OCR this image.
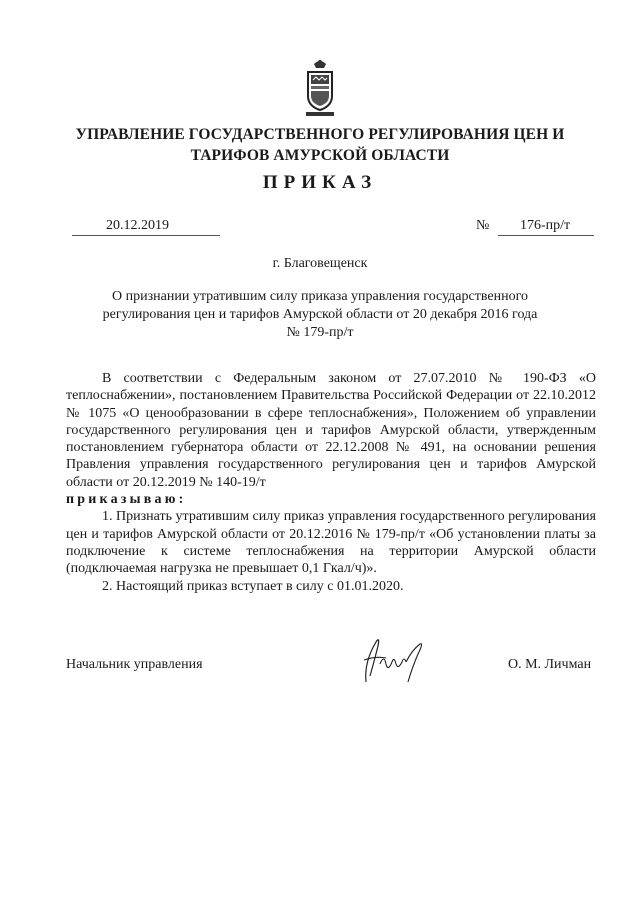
УПРАВЛЕНИЕ ГОСУДАРСТВЕННОГО РЕГУЛИРОВАНИЯ ЦЕН И
ТАРИФОВ АМУРСКОЙ ОБЛАСТИ
ПРИКАЗ
20.12.2019	№ 176-пр/т
г. Благовещенск
О признании утратившим силу приказа управления государственного
регулирования цен и тарифов Амурской области от 20 декабря 2016 года
№ 179-пр/т

В соответствии с Федеральным законом от 27.07.2010 № 190-ФЗ «О теплоснабжении», постановлением Правительства Российской Федерации от 22.10.2012 № 1075 «О ценообразовании в сфере теплоснабжения», Положением об управлении государственного регулирования цен и тарифов Амурской области, утвержденным постановлением губернатора области от 22.12.2008 № 491, на основании решения Правления управления государственного регулирования цен и тарифов Амурской области от 20.12.2019 № 140-19/т

приказываю:

1. Признать утратившим силу приказ управления государственного регулирования цен и тарифов Амурской области от 20.12.2016 № 179-пр/т «Об установлении платы за подключение к системе теплоснабжения на территории Амурской области (подключаемая нагрузка не превышает 0,1 Гкал/ч)».

2. Настоящий приказ вступает в силу с 01.01.2020.

Начальник управления	О. М. Личман
